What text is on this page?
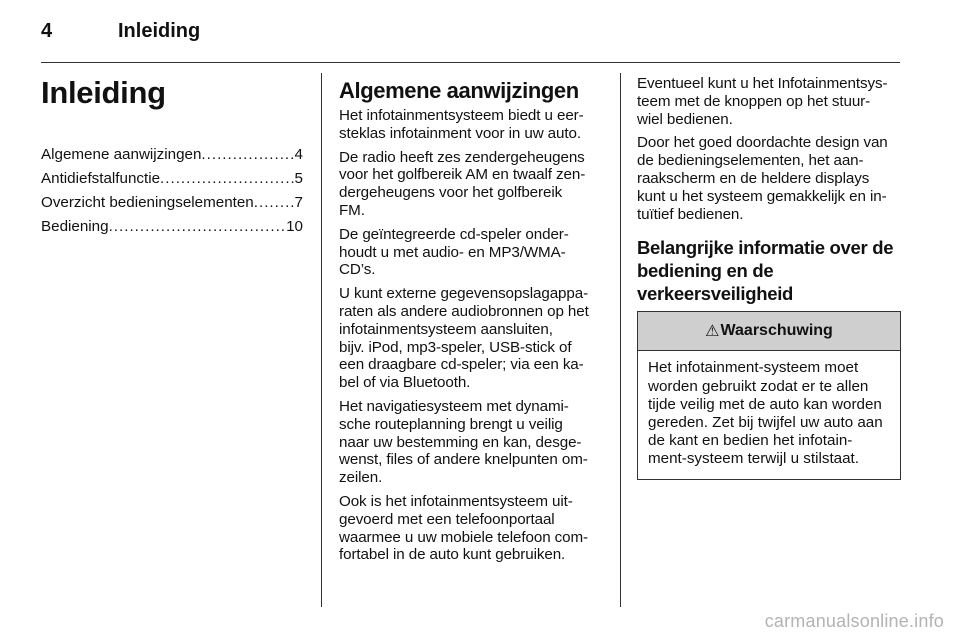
4	Inleiding
Inleiding
Algemene aanwijzingen .....	4
Antidiefstalfunctie .....	5
Overzicht bedieningselementen .....	7
Bediening .....	10
Algemene aanwijzingen

Het infotainmentsysteem biedt u eer-
steklas infotainment voor in uw auto.

De radio heeft zes zendergeheugens
voor het golfbereik AM en twaalf zen-
dergeheugens voor het golfbereik
FM.

De geïntegreerde cd-speler onder-
houdt u met audio- en MP3/WMA-
CD’s.

U kunt externe gegevensopslagappa-
raten als andere audiobronnen op het
infotainmentsysteem aansluiten,
bijv. iPod, mp3-speler, USB-stick of
een draagbare cd-speler; via een ka-
bel of via Bluetooth.

Het navigatiesysteem met dynami-
sche routeplanning brengt u veilig
naar uw bestemming en kan, desge-
wenst, files of andere knelpunten om-
zeilen.

Ook is het infotainmentsysteem uit-
gevoerd met een telefoonportaal
waarmee u uw mobiele telefoon com-
fortabel in de auto kunt gebruiken.

Eventueel kunt u het Infotainmentsys-
teem met de knoppen op het stuur-
wiel bedienen.

Door het goed doordachte design van
de bedieningselementen, het aan-
raakscherm en de heldere displays
kunt u het systeem gemakkelijk en in-
tuïtief bedienen.

Belangrijke informatie over de
bediening en de
verkeersveiligheid
⚠ Waarschuwing
Het infotainment-systeem moet
worden gebruikt zodat er te allen
tijde veilig met de auto kan worden
gereden. Zet bij twijfel uw auto aan
de kant en bedien het infotain-
ment-systeem terwijl u stilstaat.
carmanualsonline.info
